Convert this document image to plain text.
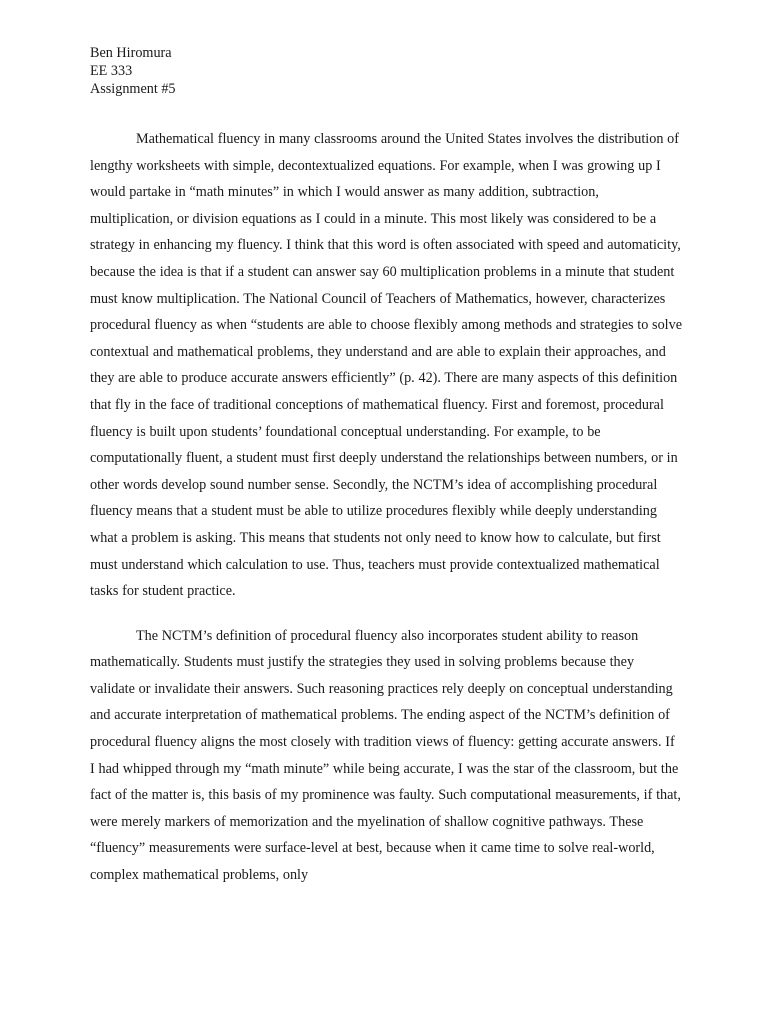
Ben Hiromura

EE 333

Assignment #5

Mathematical fluency in many classrooms around the United States involves the distribution of lengthy worksheets with simple, decontextualized equations. For example, when I was growing up I would partake in “math minutes” in which I would answer as many addition, subtraction, multiplication, or division equations as I could in a minute. This most likely was considered to be a strategy in enhancing my fluency. I think that this word is often associated with speed and automaticity, because the idea is that if a student can answer say 60 multiplication problems in a minute that student must know multiplication. The National Council of Teachers of Mathematics, however, characterizes procedural fluency as when “students are able to choose flexibly among methods and strategies to solve contextual and mathematical problems, they understand and are able to explain their approaches, and they are able to produce accurate answers efficiently” (p. 42). There are many aspects of this definition that fly in the face of traditional conceptions of mathematical fluency. First and foremost, procedural fluency is built upon students’ foundational conceptual understanding. For example, to be computationally fluent, a student must first deeply understand the relationships between numbers, or in other words develop sound number sense. Secondly, the NCTM’s idea of accomplishing procedural fluency means that a student must be able to utilize procedures flexibly while deeply understanding what a problem is asking. This means that students not only need to know how to calculate, but first must understand which calculation to use. Thus, teachers must provide contextualized mathematical tasks for student practice.

The NCTM’s definition of procedural fluency also incorporates student ability to reason mathematically. Students must justify the strategies they used in solving problems because they validate or invalidate their answers. Such reasoning practices rely deeply on conceptual understanding and accurate interpretation of mathematical problems. The ending aspect of the NCTM’s definition of procedural fluency aligns the most closely with tradition views of fluency: getting accurate answers. If I had whipped through my “math minute” while being accurate, I was the star of the classroom, but the fact of the matter is, this basis of my prominence was faulty. Such computational measurements, if that, were merely markers of memorization and the myelination of shallow cognitive pathways. These “fluency” measurements were surface-level at best, because when it came time to solve real-world, complex mathematical problems, only
